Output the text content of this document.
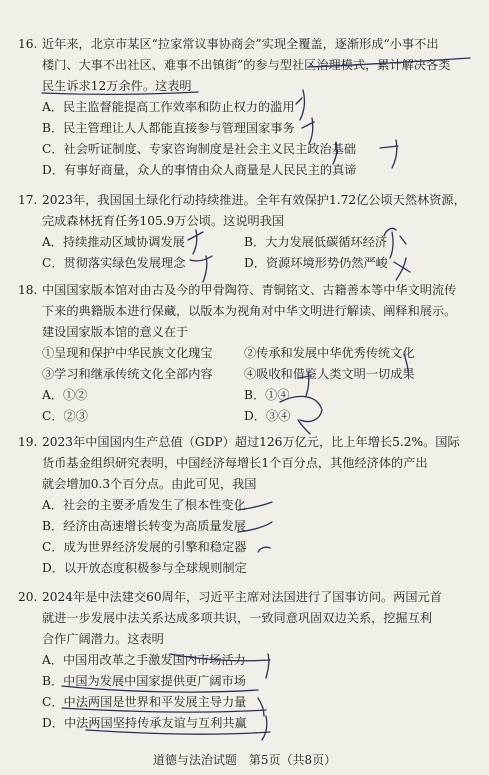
16. 近年来，北京市某区“拉家常议事协商会”实现全覆盖，逐渐形成“小事不出
楼门、大事不出社区、难事不出镇街”的参与型社区治理模式，累计解决各类
民生诉求12万余件。这表明
A．民主监督能提高工作效率和防止权力的滥用
B．民主管理让人人都能直接参与管理国家事务
C．社会听证制度、专家咨询制度是社会主义民主政治基础
D．有事好商量，众人的事情由众人商量是人民民主的真谛
17. 2023年，我国国土绿化行动持续推进。全年有效保护1.72亿公顷天然林资源，
完成森林抚育任务105.9万公顷。这说明我国
A．持续推动区域协调发展	B．大力发展低碳循环经济
C．贯彻落实绿色发展理念	D．资源环境形势仍然严峻
18. 中国国家版本馆对由古及今的甲骨陶符、青铜铭文、古籍善本等中华文明流传
下来的典籍版本进行保藏，以版本为视角对中华文明进行解读、阐释和展示。
建设国家版本馆的意义在于
①呈现和保护中华民族文化瑰宝	②传承和发展中华优秀传统文化
③学习和继承传统文化全部内容	④吸收和借鉴人类文明一切成果
A．①②	B．①④
C．②③	D．③④
19. 2023年中国国内生产总值（GDP）超过126万亿元，比上年增长5.2%。国际
货币基金组织研究表明，中国经济每增长1个百分点，其他经济体的产出
就会增加0.3个百分点。由此可见，我国
A．社会的主要矛盾发生了根本性变化
B．经济由高速增长转变为高质量发展
C．成为世界经济发展的引擎和稳定器
D．以开放态度积极参与全球规则制定
20. 2024年是中法建交60周年，习近平主席对法国进行了国事访问。两国元首
就进一步发展中法关系达成多项共识，一致同意巩固双边关系，挖掘互利
合作广阔潜力。这表明
A．中国用改革之手激发国内市场活力
B．中国为发展中国家提供更广阔市场
C．中法两国是世界和平发展主导力量
D．中法两国坚持传承友谊与互利共赢
道德与法治试题　第5页（共8页）
